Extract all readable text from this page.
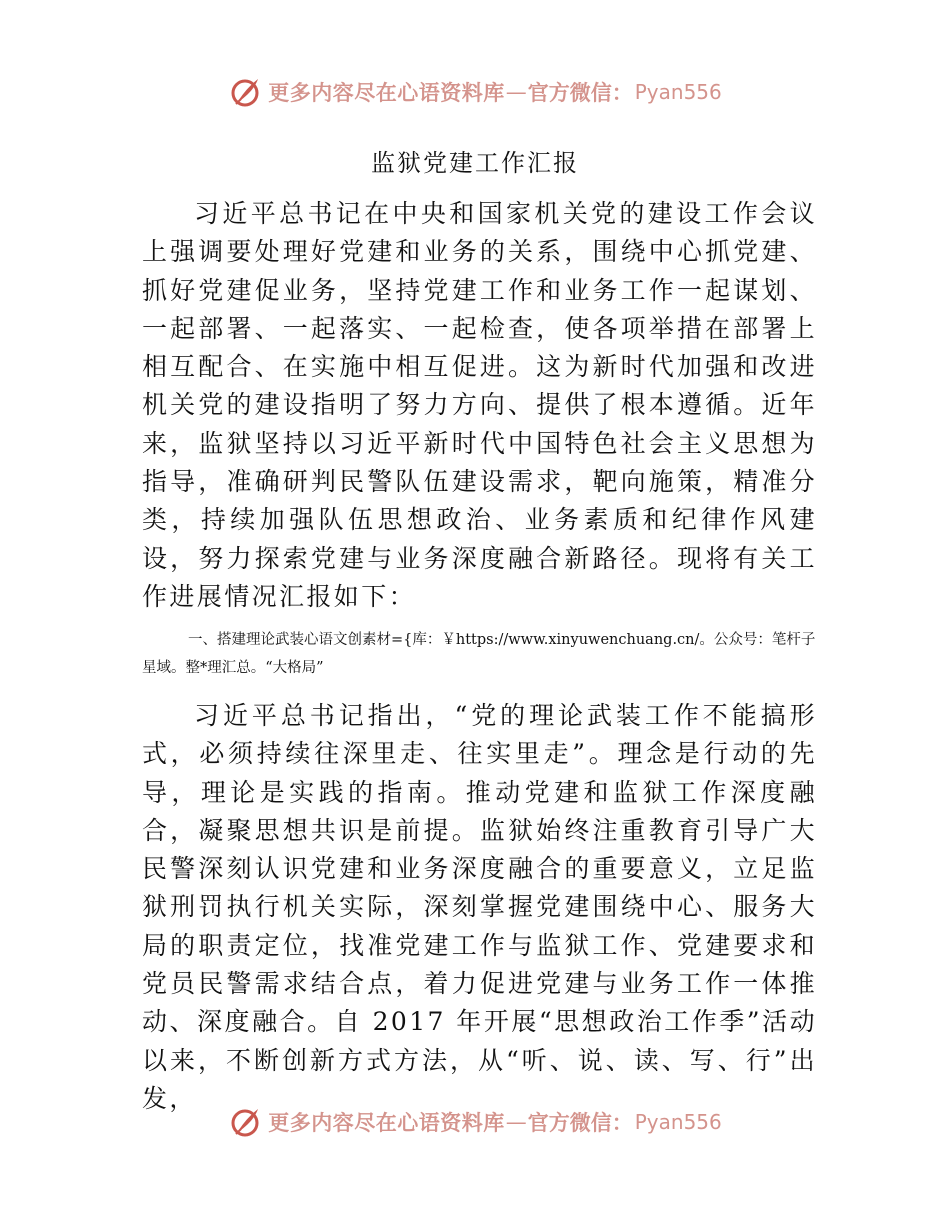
更多内容尽在心语资料库 — 官方微信： Pyan556
监狱党建工作汇报

习近平总书记在中央和国家机关党的建设工作会议上强调要处理好党建和业务的关系，围绕中心抓党建、抓好党建促业务，坚持党建工作和业务工作一起谋划、一起部署、一起落实、一起检查，使各项举措在部署上相互配合、在实施中相互促进。这为新时代加强和改进机关党的建设指明了努力方向、提供了根本遵循。近年来，监狱坚持以习近平新时代中国特色社会主义思想为指导，准确研判民警队伍建设需求，靶向施策，精准分类，持续加强队伍思想政治、业务素质和纪律作风建设，努力探索党建与业务深度融合新路径。现将有关工作进展情况汇报如下：

一、搭建理论武装心语文创素材={库：￥https://www.xinyuwenchuang.cn/。公众号：笔杆子星域。整*理汇总。“大格局”

习近平总书记指出，“党的理论武装工作不能搞形式，必须持续往深里走、往实里走”。理念是行动的先导，理论是实践的指南。推动党建和监狱工作深度融合，凝聚思想共识是前提。监狱始终注重教育引导广大民警深刻认识党建和业务深度融合的重要意义，立足监狱刑罚执行机关实际，深刻掌握党建围绕中心、服务大局的职责定位，找准党建工作与监狱工作、党建要求和党员民警需求结合点，着力促进党建与业务工作一体推动、深度融合。自 2017 年开展“思想政治工作季”活动以来，不断创新方式方法，从“听、说、读、写、行”出发，

更多内容尽在心语资料库 — 官方微信： Pyan556
